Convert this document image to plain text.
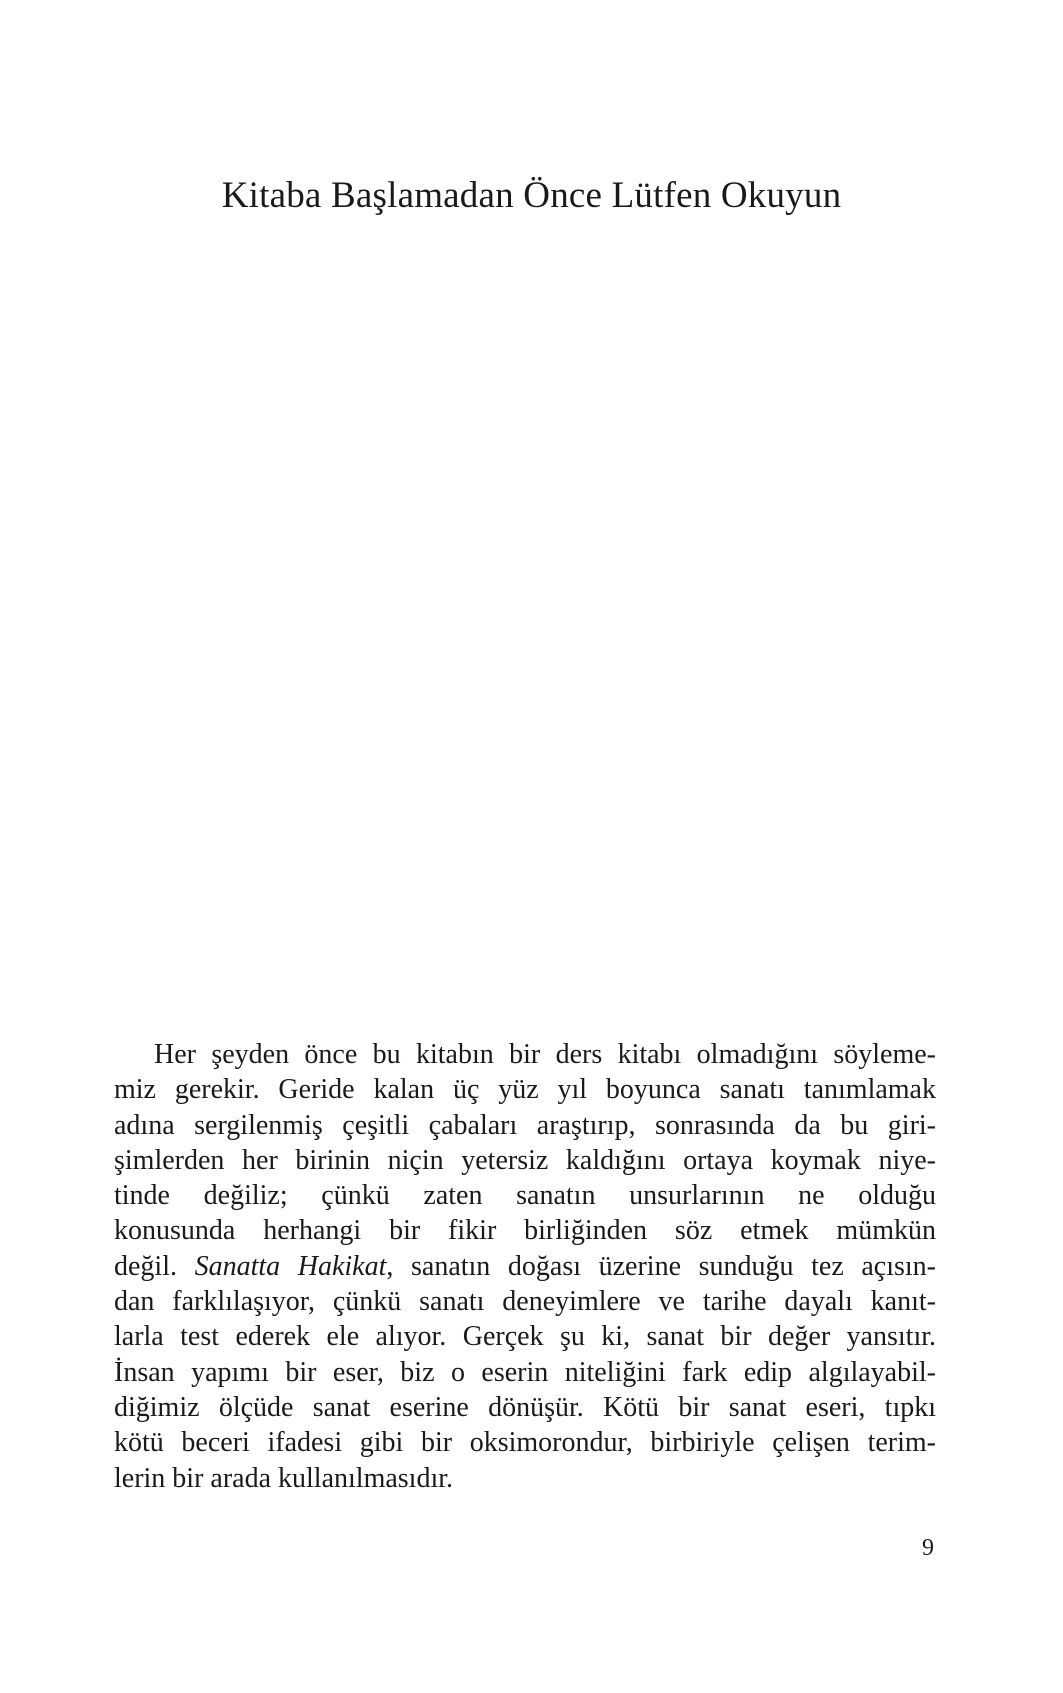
Kitaba Başlamadan Önce Lütfen Okuyun
Her şeyden önce bu kitabın bir ders kitabı olmadığını söyleme-
miz gerekir. Geride kalan üç yüz yıl boyunca sanatı tanımlamak
adına sergilenmiş çeşitli çabaları araştırıp, sonrasında da bu giri-
şimlerden her birinin niçin yetersiz kaldığını ortaya koymak niye-
tinde değiliz; çünkü zaten sanatın unsurlarının ne olduğu
konusunda herhangi bir fikir birliğinden söz etmek mümkün
değil. Sanatta Hakikat, sanatın doğası üzerine sunduğu tez açısın-
dan farklılaşıyor, çünkü sanatı deneyimlere ve tarihe dayalı kanıt-
larla test ederek ele alıyor. Gerçek şu ki, sanat bir değer yansıtır.
İnsan yapımı bir eser, biz o eserin niteliğini fark edip algılayabil-
diğimiz ölçüde sanat eserine dönüşür. Kötü bir sanat eseri, tıpkı
kötü beceri ifadesi gibi bir oksimorondur, birbiriyle çelişen terim-
lerin bir arada kullanılmasıdır.
9
